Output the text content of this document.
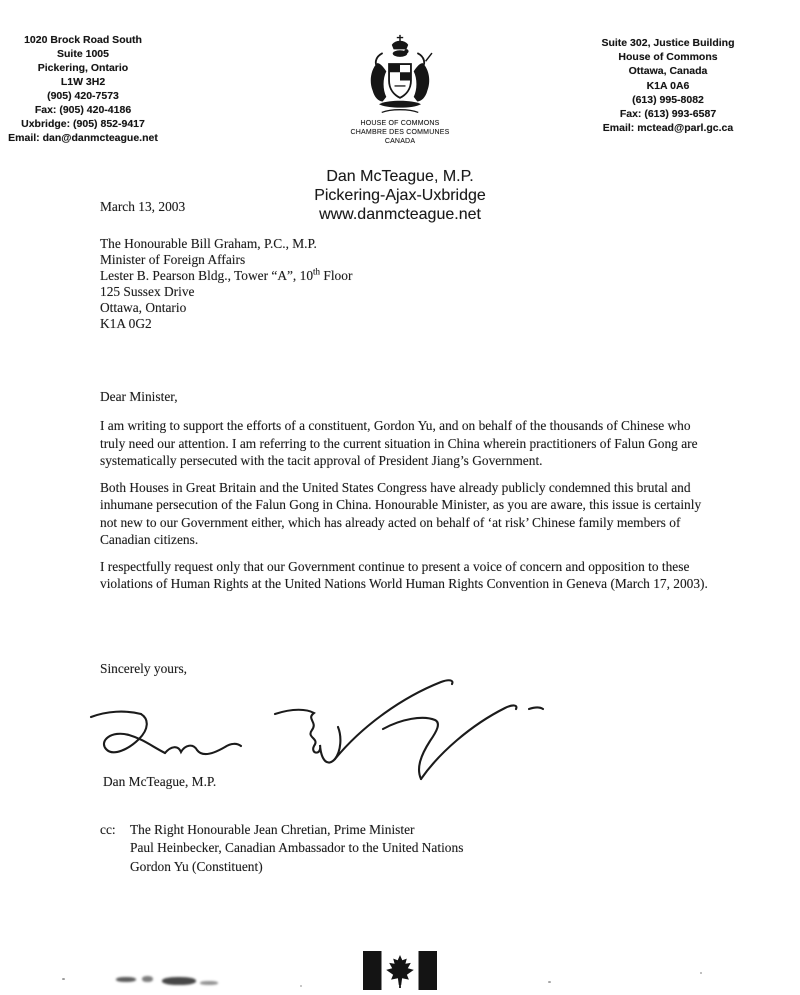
1020 Brock Road South
Suite 1005
Pickering, Ontario
L1W 3H2
(905) 420-7573
Fax: (905) 420-4186
Uxbridge: (905) 852-9417
Email: dan@danmcteague.net
HOUSE OF COMMONS
CHAMBRE DES COMMUNES
CANADA
Suite 302, Justice Building
House of Commons
Ottawa, Canada
K1A 0A6
(613) 995-8082
Fax: (613) 993-6587
Email: mctead@parl.gc.ca
Dan McTeague, M.P.
Pickering-Ajax-Uxbridge
www.danmcteague.net
March 13, 2003
The Honourable Bill Graham, P.C., M.P.
Minister of Foreign Affairs
Lester B. Pearson Bldg., Tower “A”, 10th Floor
125 Sussex Drive
Ottawa, Ontario
K1A 0G2
Dear Minister,

I am writing to support the efforts of a constituent, Gordon Yu, and on behalf of the thousands of Chinese who truly need our attention. I am referring to the current situation in China wherein practitioners of Falun Gong are systematically persecuted with the tacit approval of President Jiang’s Government.

Both Houses in Great Britain and the United States Congress have already publicly condemned this brutal and inhumane persecution of the Falun Gong in China. Honourable Minister, as you are aware, this issue is certainly not new to our Government either, which has already acted on behalf of ‘at risk’ Chinese family members of Canadian citizens.

I respectfully request only that our Government continue to present a voice of concern and opposition to these violations of Human Rights at the United Nations World Human Rights Convention in Geneva (March 17, 2003).

Sincerely yours,
Dan McTeague, M.P.
cc:	The Right Honourable Jean Chretian, Prime Minister
Paul Heinbecker, Canadian Ambassador to the United Nations
Gordon Yu (Constituent)
